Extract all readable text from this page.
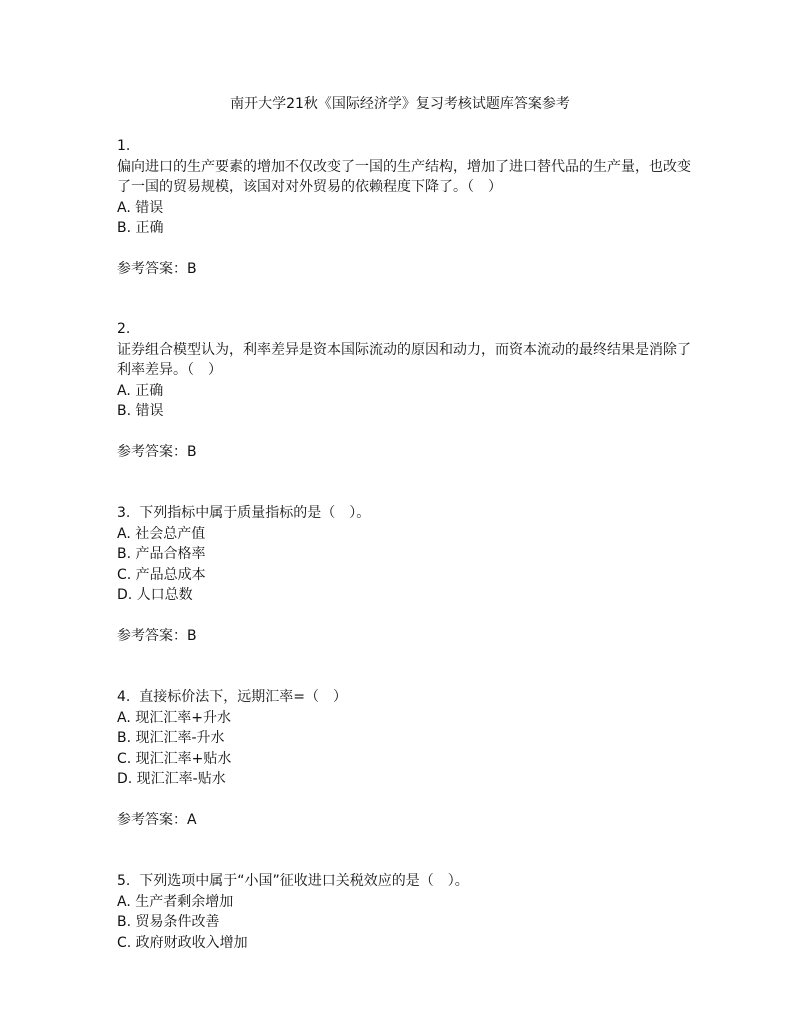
南开大学21秋《国际经济学》复习考核试题库答案参考
1.
偏向进口的生产要素的增加不仅改变了一国的生产结构，增加了进口替代品的生产量，也改变了一国的贸易规模，该国对对外贸易的依赖程度下降了。（　）
A. 错误
B. 正确
参考答案：B
2.
证券组合模型认为，利率差异是资本国际流动的原因和动力，而资本流动的最终结果是消除了利率差异。（　）
A. 正确
B. 错误
参考答案：B
3. 下列指标中属于质量指标的是（　）。
A. 社会总产值
B. 产品合格率
C. 产品总成本
D. 人口总数
参考答案：B
4. 直接标价法下，远期汇率=（　）
A. 现汇汇率+升水
B. 现汇汇率-升水
C. 现汇汇率+贴水
D. 现汇汇率-贴水
参考答案：A
5. 下列选项中属于“小国”征收进口关税效应的是（　）。
A. 生产者剩余增加
B. 贸易条件改善
C. 政府财政收入增加
